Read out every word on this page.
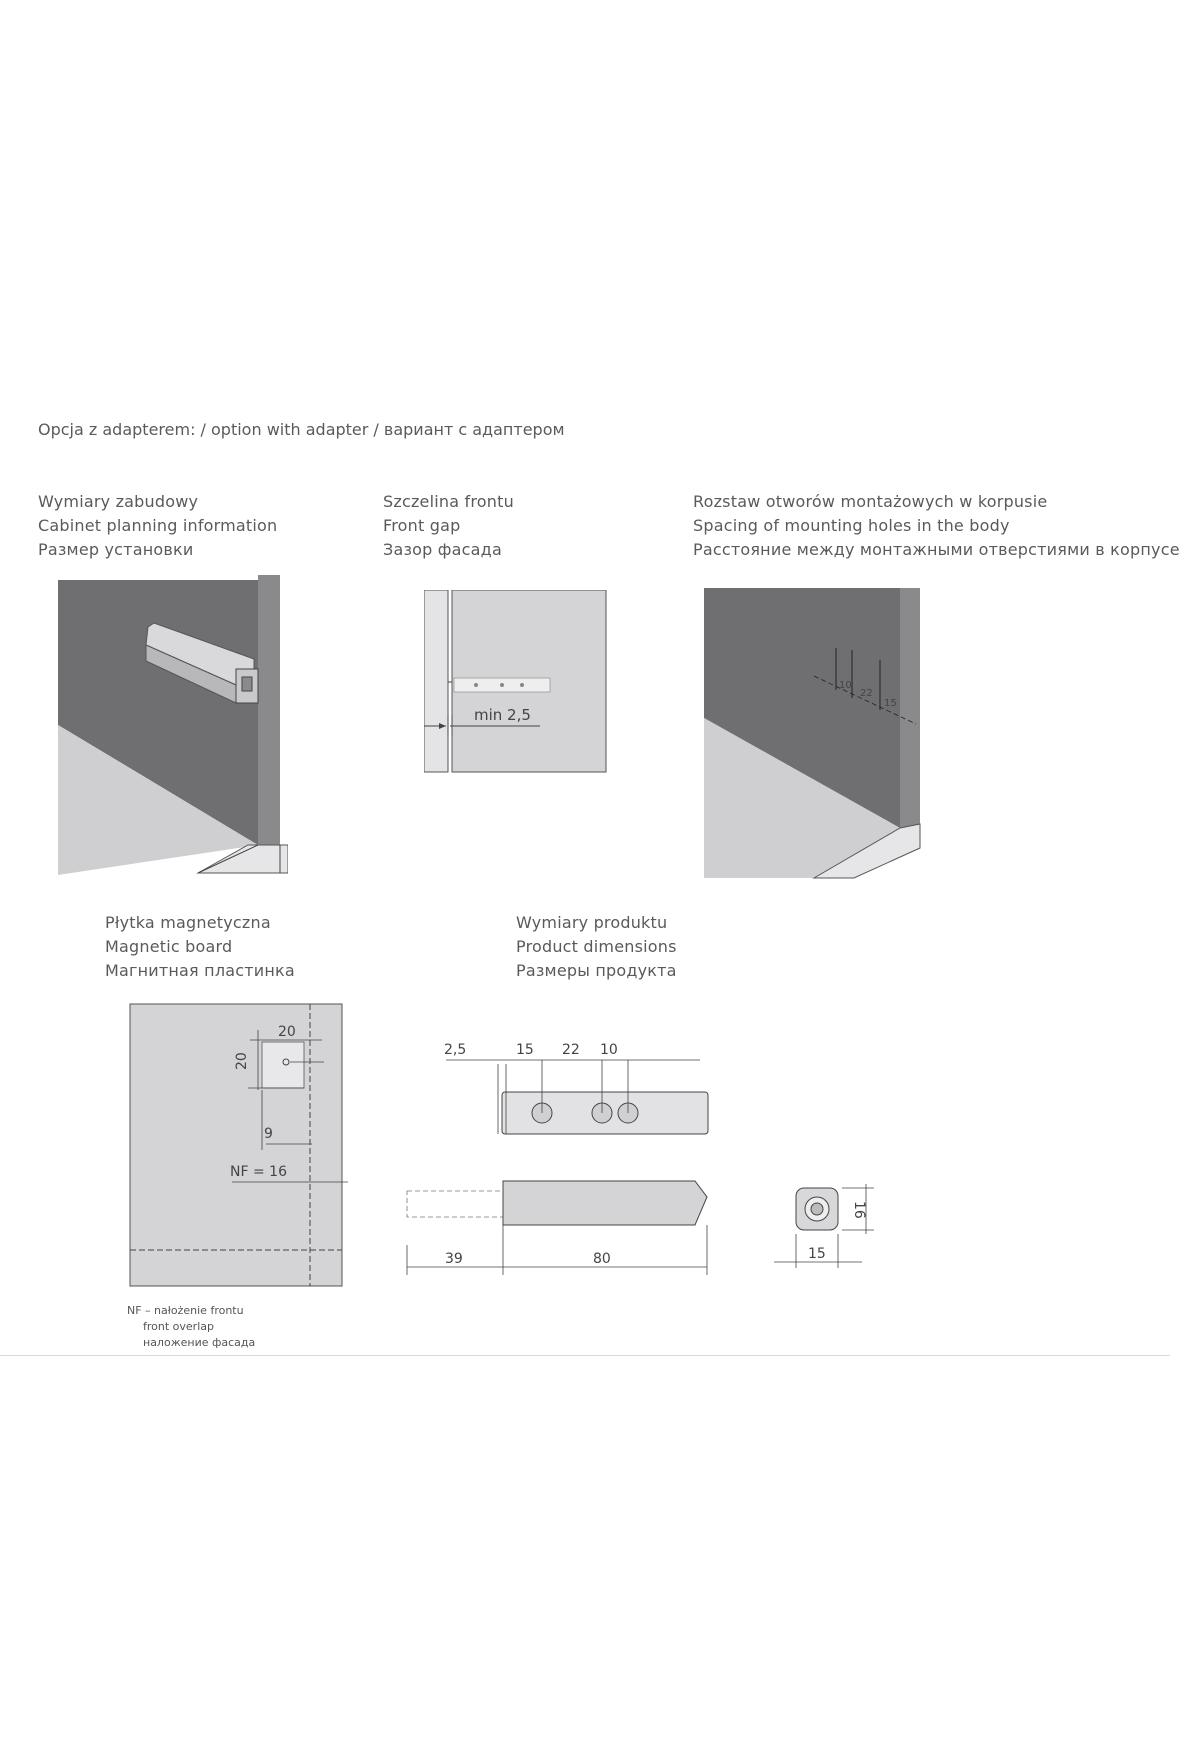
Opcja z adapterem: / option with adapter / вариант с адаптером
Wymiary zabudowy
Cabinet planning information
Размер установки
Szczelina frontu
Front gap
Зазор фасада
Rozstaw otworów montażowych w korpusie
Spacing of mounting holes in the body
Расстояние между монтажными отверстиями в корпусе
Płytka magnetyczna
Magnetic board
Магнитная пластинка
Wymiary produktu
Product dimensions
Размеры продукта
min 2,5
10
22
15
20
20
9
NF = 16
NF – nałożenie frontu
front overlap
наложение фасада
2,5	15 22 10
39	80
16
15
